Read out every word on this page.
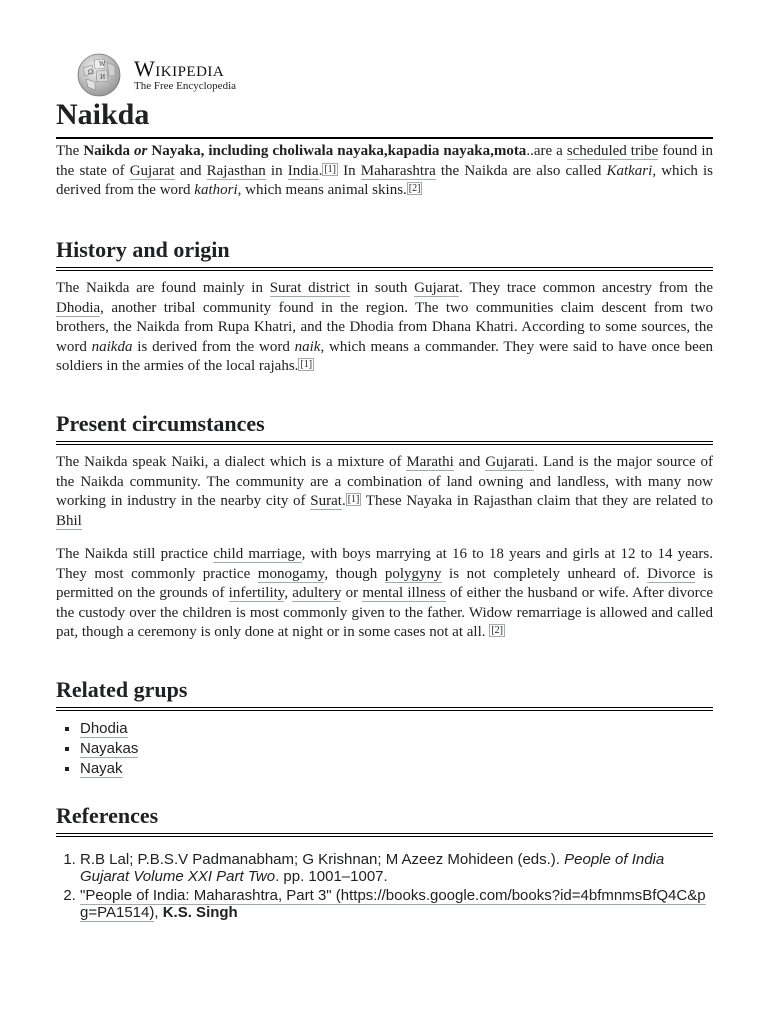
Ω
W
И Wikipedia
The Free Encyclopedia
Naikda

The Naikda or Nayaka, including choliwala nayaka,kapadia nayaka,mota..are a scheduled tribe found in the state of Gujarat and Rajasthan in India. [1] In Maharashtra the Naikda are also called Katkari, which is derived from the word kathori, which means animal skins. [2]

History and origin

The Naikda are found mainly in Surat district in south Gujarat. They trace common ancestry from the Dhodia, another tribal community found in the region. The two communities claim descent from two brothers, the Naikda from Rupa Khatri, and the Dhodia from Dhana Khatri. According to some sources, the word naikda is derived from the word naik, which means a commander. They were said to have once been soldiers in the armies of the local rajahs. [1]

Present circumstances

The Naikda speak Naiki, a dialect which is a mixture of Marathi and Gujarati. Land is the major source of the Naikda community. The community are a combination of land owning and landless, with many now working in industry in the nearby city of Surat. [1] These Nayaka in Rajasthan claim that they are related to Bhil

The Naikda still practice child marriage, with boys marrying at 16 to 18 years and girls at 12 to 14 years. They most commonly practice monogamy, though polygyny is not completely unheard of. Divorce is permitted on the grounds of infertility, adultery or mental illness of either the husband or wife. After divorce the custody over the children is most commonly given to the father. Widow remarriage is allowed and called pat, though a ceremony is only done at night or in some cases not at all. [2]

Related grups
▪ Dhodia
▪ Nayakas
▪ Nayak
References
1. R.B Lal; P.B.S.V Padmanabham; G Krishnan; M Azeez Mohideen (eds.). People of India Gujarat Volume XXI Part Two. pp. 1001–1007.
2. "People of India: Maharashtra, Part 3" (https://books.google.com/books?id=4bfmnmsBfQ4C&pg=PA1514), K.S. Singh
